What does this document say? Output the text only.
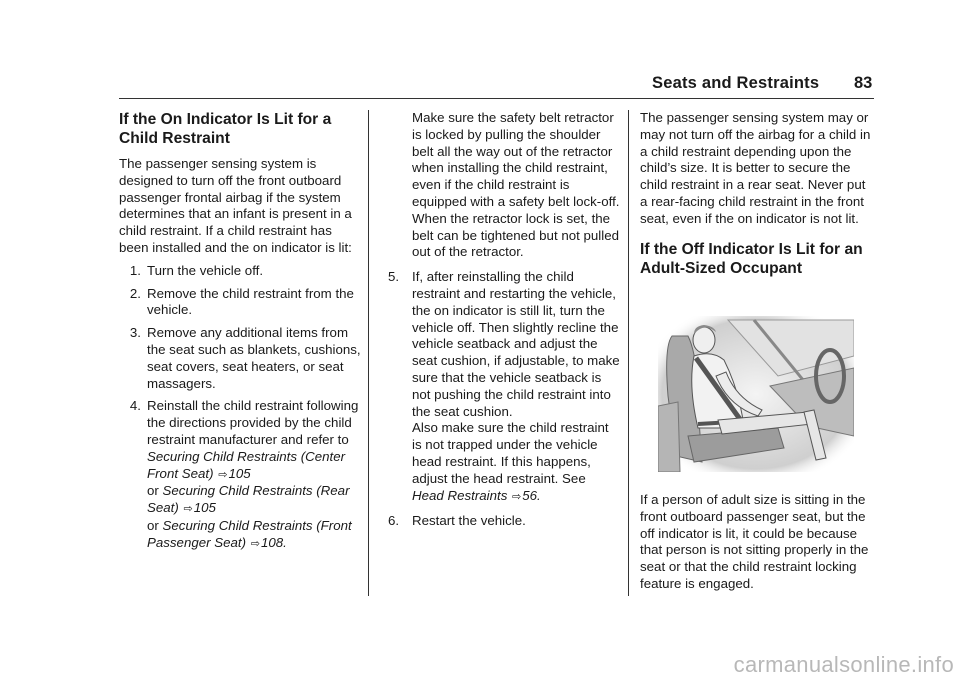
Seats and Restraints 83
If the On Indicator Is Lit for a Child Restraint

The passenger sensing system is designed to turn off the front outboard passenger frontal airbag if the system determines that an infant is present in a child restraint. If a child restraint has been installed and the on indicator is lit:

1. Turn the vehicle off.
2. Remove the child restraint from the vehicle.
3. Remove any additional items from the seat such as blankets, cushions, seat covers, seat heaters, or seat massagers.
4. Reinstall the child restraint following the directions provided by the child restraint manufacturer and refer to
Securing Child Restraints (Center Front Seat) ⇨105
or Securing Child Restraints (Rear Seat) ⇨105
or Securing Child Restraints (Front Passenger Seat) ⇨108.

Make sure the safety belt retractor is locked by pulling the shoulder belt all the way out of the retractor when installing the child restraint, even if the child restraint is equipped with a safety belt lock-off. When the retractor lock is set, the belt can be tightened but not pulled out of the retractor.

5. If, after reinstalling the child restraint and restarting the vehicle, the on indicator is still lit, turn the vehicle off. Then slightly recline the vehicle seatback and adjust the seat cushion, if adjustable, to make sure that the vehicle seatback is not pushing the child restraint into the seat cushion.

Also make sure the child restraint is not trapped under the vehicle head restraint. If this happens, adjust the head restraint. See Head Restraints ⇨56.

6. Restart the vehicle.

The passenger sensing system may or may not turn off the airbag for a child in a child restraint depending upon the child’s size. It is better to secure the child restraint in a rear seat. Never put a rear-facing child restraint in the front seat, even if the on indicator is not lit.

If the Off Indicator Is Lit for an Adult-Sized Occupant

If a person of adult size is sitting in the front outboard passenger seat, but the off indicator is lit, it could be because that person is not sitting properly in the seat or that the child restraint locking feature is engaged.

carmanualsonline.info
